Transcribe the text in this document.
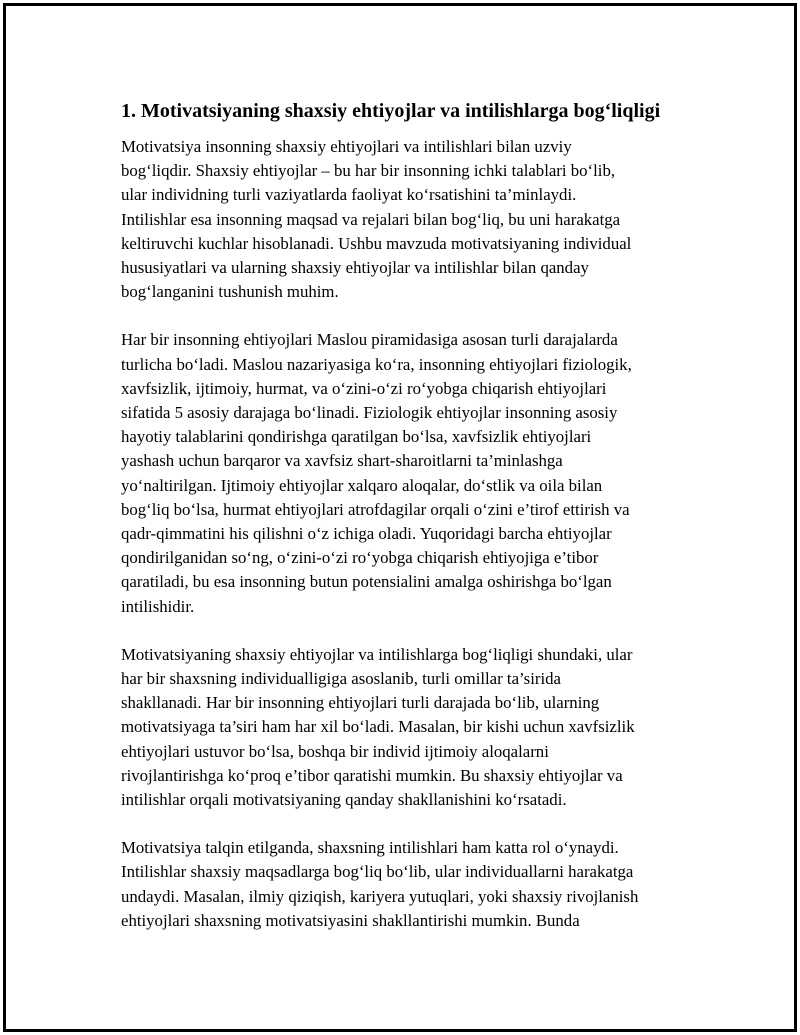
1. Motivatsiyaning shaxsiy ehtiyojlar va intilishlarga bog‘liqligi
Motivatsiya insonning shaxsiy ehtiyojlari va intilishlari bilan uzviy
bog‘liqdir. Shaxsiy ehtiyojlar – bu har bir insonning ichki talablari bo‘lib,
ular individning turli vaziyatlarda faoliyat ko‘rsatishini ta’minlaydi.
Intilishlar esa insonning maqsad va rejalari bilan bog‘liq, bu uni harakatga
keltiruvchi kuchlar hisoblanadi. Ushbu mavzuda motivatsiyaning individual
hususiyatlari va ularning shaxsiy ehtiyojlar va intilishlar bilan qanday
bog‘langanini tushunish muhim.
Har bir insonning ehtiyojlari Maslou piramidasiga asosan turli darajalarda
turlicha bo‘ladi. Maslou nazariyasiga ko‘ra, insonning ehtiyojlari fiziologik,
xavfsizlik, ijtimoiy, hurmat, va o‘zini-o‘zi ro‘yobga chiqarish ehtiyojlari
sifatida 5 asosiy darajaga bo‘linadi. Fiziologik ehtiyojlar insonning asosiy
hayotiy talablarini qondirishga qaratilgan bo‘lsa, xavfsizlik ehtiyojlari
yashash uchun barqaror va xavfsiz shart-sharoitlarni ta’minlashga
yo‘naltirilgan. Ijtimoiy ehtiyojlar xalqaro aloqalar, do‘stlik va oila bilan
bog‘liq bo‘lsa, hurmat ehtiyojlari atrofdagilar orqali o‘zini e’tirof ettirish va
qadr-qimmatini his qilishni o‘z ichiga oladi. Yuqoridagi barcha ehtiyojlar
qondirilganidan so‘ng, o‘zini-o‘zi ro‘yobga chiqarish ehtiyojiga e’tibor
qaratiladi, bu esa insonning butun potensialini amalga oshirishga bo‘lgan
intilishidir.
Motivatsiyaning shaxsiy ehtiyojlar va intilishlarga bog‘liqligi shundaki, ular
har bir shaxsning individualligiga asoslanib, turli omillar ta’sirida
shakllanadi. Har bir insonning ehtiyojlari turli darajada bo‘lib, ularning
motivatsiyaga ta’siri ham har xil bo‘ladi. Masalan, bir kishi uchun xavfsizlik
ehtiyojlari ustuvor bo‘lsa, boshqa bir individ ijtimoiy aloqalarni
rivojlantirishga ko‘proq e’tibor qaratishi mumkin. Bu shaxsiy ehtiyojlar va
intilishlar orqali motivatsiyaning qanday shakllanishini ko‘rsatadi.
Motivatsiya talqin etilganda, shaxsning intilishlari ham katta rol o‘ynaydi.
Intilishlar shaxsiy maqsadlarga bog‘liq bo‘lib, ular individuallarni harakatga
undaydi. Masalan, ilmiy qiziqish, kariyera yutuqlari, yoki shaxsiy rivojlanish
ehtiyojlari shaxsning motivatsiyasini shakllantirishi mumkin. Bunda
